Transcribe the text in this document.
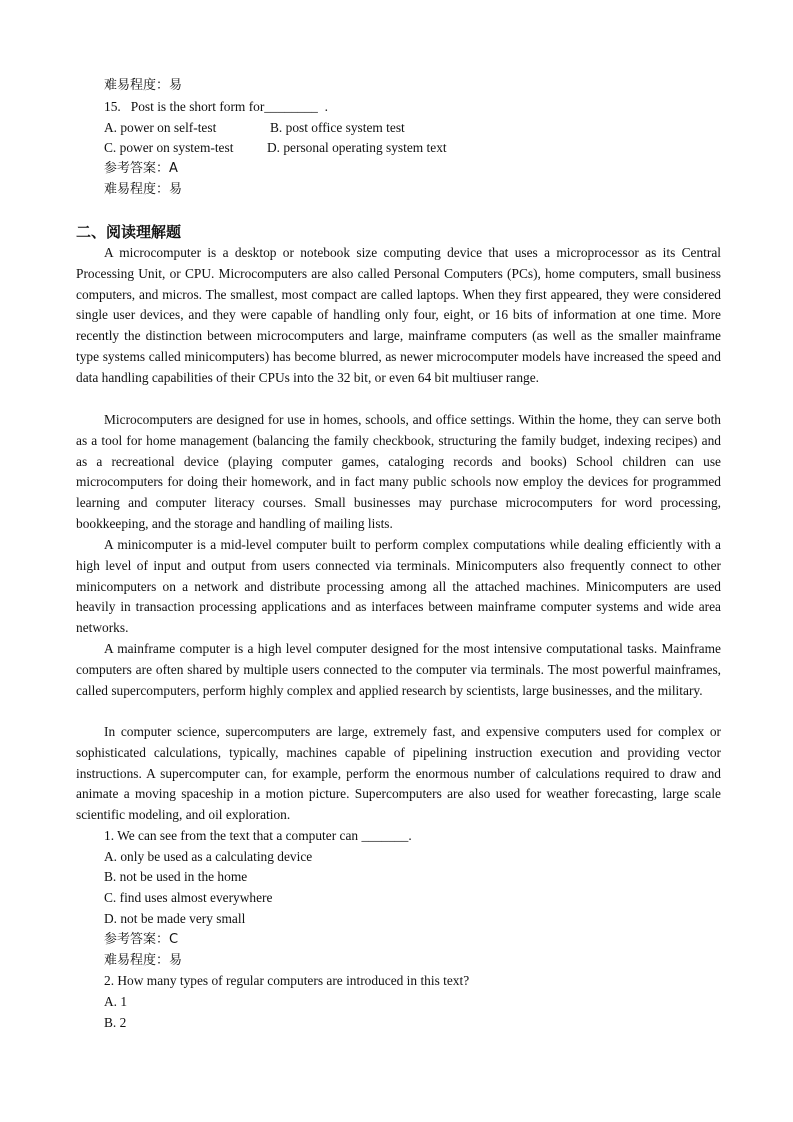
难易程度：易
15.   Post is the short form for________  .
A. power on self-test	B. post office system test
C. power on system-test	D. personal operating system text
参考答案：A
难易程度：易
二、阅读理解题
A microcomputer is a desktop or notebook size computing device that uses a microprocessor as its Central Processing Unit, or CPU. Microcomputers are also called Personal Computers (PCs), home computers, small business computers, and micros. The smallest, most compact are called laptops. When they first appeared, they were considered single user devices, and they were capable of handling only four, eight, or 16 bits of information at one time. More recently the distinction between microcomputers and large, mainframe computers (as well as the smaller mainframe type systems called minicomputers) has become blurred, as newer microcomputer models have increased the speed and data handling capabilities of their CPUs into the 32 bit, or even 64 bit multiuser range.
Microcomputers are designed for use in homes, schools, and office settings. Within the home, they can serve both as a tool for home management (balancing the family checkbook, structuring the family budget, indexing recipes) and as a recreational device (playing computer games, cataloging records and books) School children can use microcomputers for doing their homework, and in fact many public schools now employ the devices for programmed learning and computer literacy courses. Small businesses may purchase microcomputers for word processing, bookkeeping, and the storage and handling of mailing lists.
A minicomputer is a mid-level computer built to perform complex computations while dealing efficiently with a high level of input and output from users connected via terminals. Minicomputers also frequently connect to other minicomputers on a network and distribute processing among all the attached machines. Minicomputers are used heavily in transaction processing applications and as interfaces between mainframe computer systems and wide area networks.
A mainframe computer is a high level computer designed for the most intensive computational tasks. Mainframe computers are often shared by multiple users connected to the computer via terminals. The most powerful mainframes, called supercomputers, perform highly complex and applied research by scientists, large businesses, and the military.
In computer science, supercomputers are large, extremely fast, and expensive computers used for complex or sophisticated calculations, typically, machines capable of pipelining instruction execution and providing vector instructions. A supercomputer can, for example, perform the enormous number of calculations required to draw and animate a moving spaceship in a motion picture. Supercomputers are also used for weather forecasting, large scale scientific modeling, and oil exploration.
1. We can see from the text that a computer can _______.
A. only be used as a calculating device
B. not be used in the home
C. find uses almost everywhere
D. not be made very small
参考答案：C
难易程度：易
2. How many types of regular computers are introduced in this text?
A. 1
B. 2
